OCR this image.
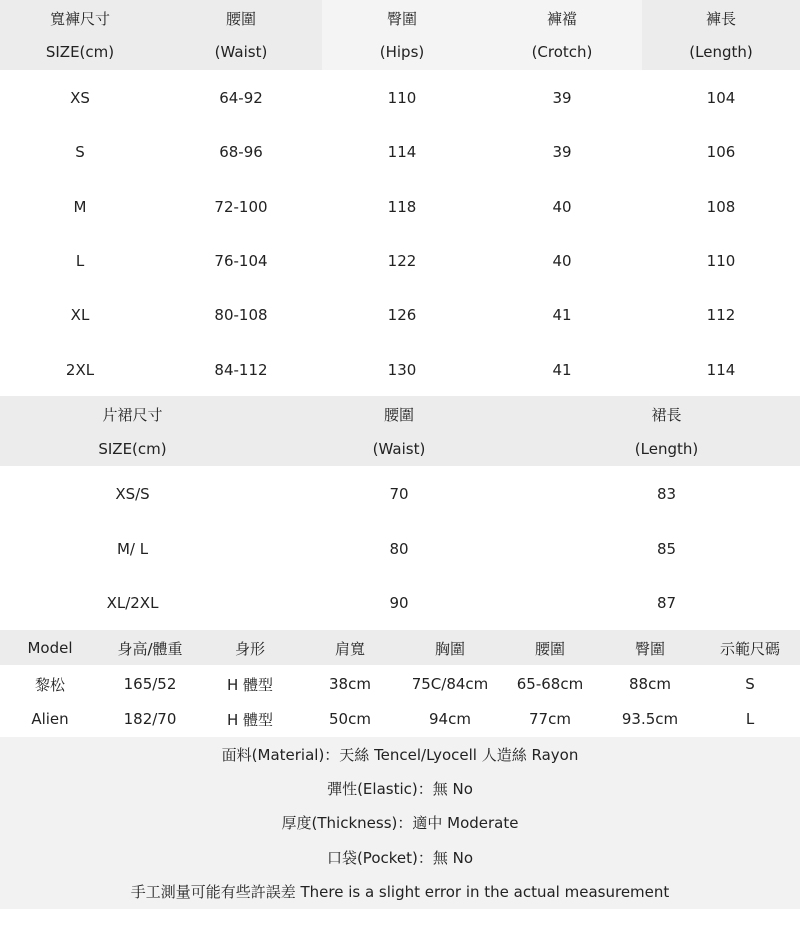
寬褲尺寸	腰圍	臀圍	褲襠	褲長
SIZE(cm)	(Waist)	(Hips)	(Crotch)	(Length)
XS	64-92	110	39	104
S	68-96	114	39	106
M	72-100	118	40	108
L	76-104	122	40	110
XL	80-108	126	41	112
2XL	84-112	130	41	114
片裙尺寸	腰圍	裙長
SIZE(cm)	(Waist)	(Length)
XS/S	70	83
M/ L	80	85
XL/2XL	90	87
Model	身高/體重	身形	肩寬	胸圍	腰圍	臀圍	示範尺碼
黎松	165/52	H 體型	38cm	75C/84cm	65-68cm	88cm	S
Alien	182/70	H 體型	50cm	94cm	77cm	93.5cm	L
面料(Material)：天絲 Tencel/Lyocell 人造絲 Rayon
彈性(Elastic)：無 No
厚度(Thickness)：適中 Moderate
口袋(Pocket)：無 No
手工測量可能有些許誤差 There is a slight error in the actual measurement
